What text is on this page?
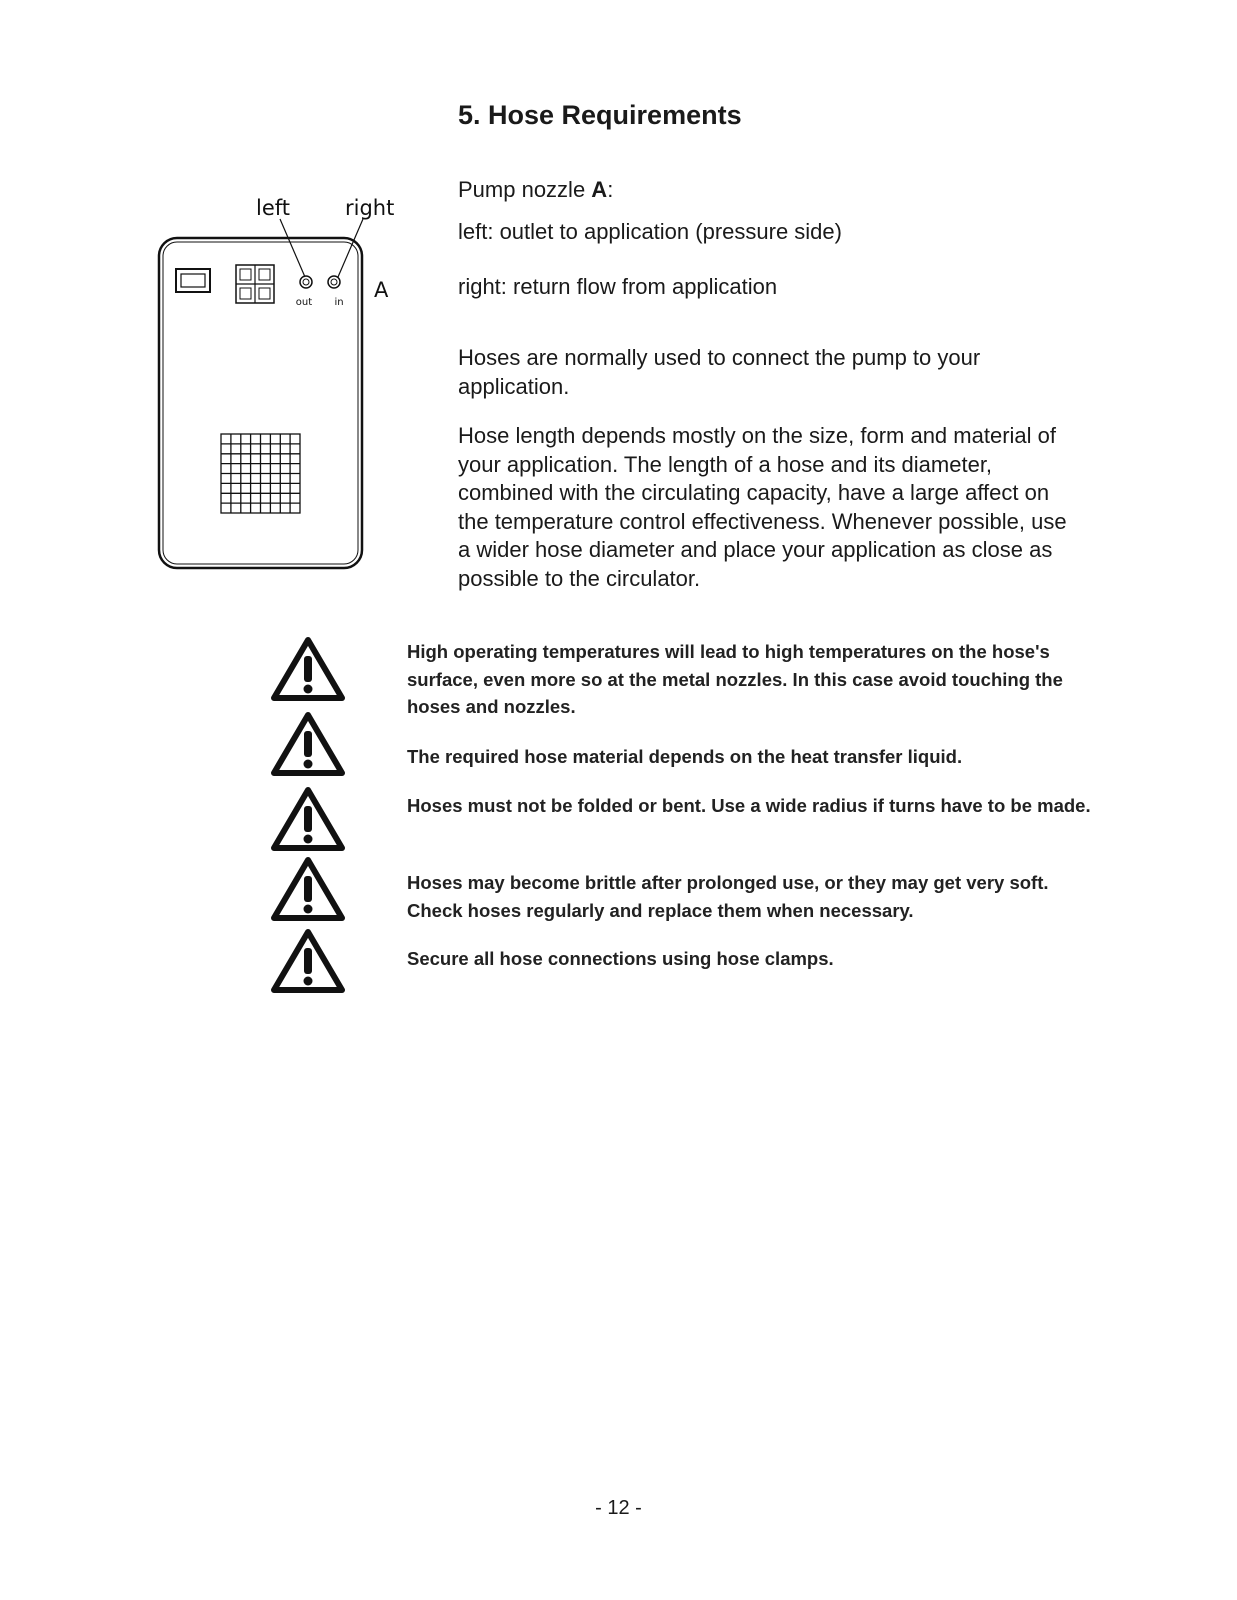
5. Hose Requirements
left	right
out in
A

Pump nozzle A:

left: outlet to application (pressure side)

right: return flow from application

Hoses are normally used to connect the pump to your application.

Hose length depends mostly on the size, form and material of your application. The length of a hose and its diameter, combined with the circulating capacity, have a large affect on the temperature control effectiveness. Whenever possible, use a wider hose diameter and place your application as close as possible to the circulator.

High operating temperatures will lead to high temperatures on the hose's surface, even more so at the metal nozzles. In this case avoid touching the hoses and nozzles.

The required hose material depends on the heat transfer liquid.

Hoses must not be folded or bent. Use a wide radius if turns have to be made.

Hoses may become brittle after prolonged use, or they may get very soft. Check hoses regularly and replace them when necessary.

Secure all hose connections using hose clamps.

- 12 -
